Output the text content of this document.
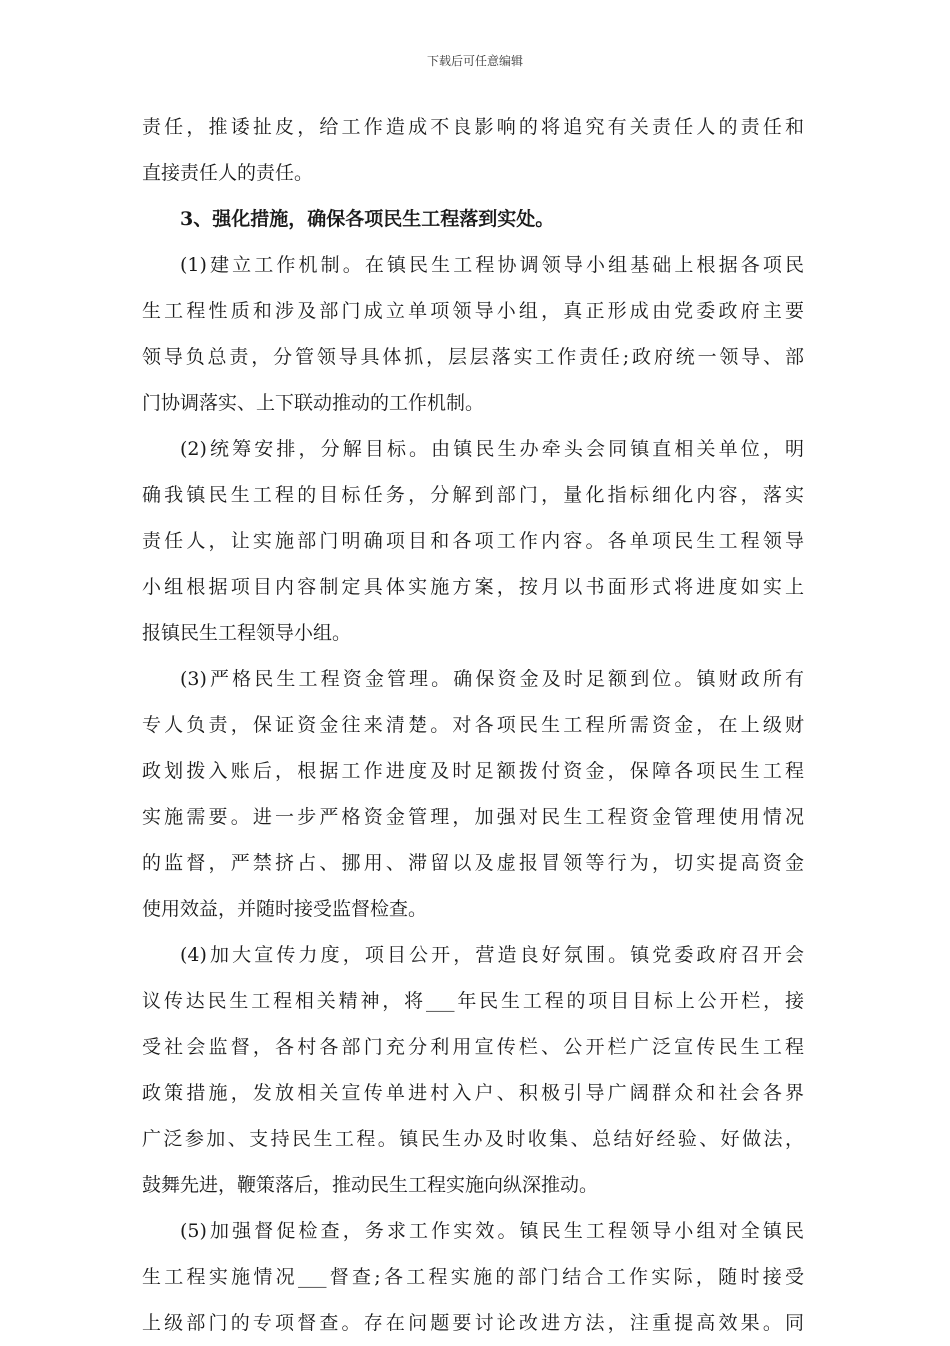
下载后可任意编辑
责任，推诿扯皮，给工作造成不良影响的将追究有关责任人的责任和
直接责任人的责任。
3、强化措施，确保各项民生工程落到实处。
(1)建立工作机制。在镇民生工程协调领导小组基础上根据各项民
生工程性质和涉及部门成立单项领导小组，真正形成由党委政府主要
领导负总责，分管领导具体抓，层层落实工作责任;政府统一领导、部
门协调落实、上下联动推动的工作机制。
(2)统筹安排，分解目标。由镇民生办牵头会同镇直相关单位，明
确我镇民生工程的目标任务，分解到部门，量化指标细化内容，落实
责任人，让实施部门明确项目和各项工作内容。各单项民生工程领导
小组根据项目内容制定具体实施方案，按月以书面形式将进度如实上
报镇民生工程领导小组。
(3)严格民生工程资金管理。确保资金及时足额到位。镇财政所有
专人负责，保证资金往来清楚。对各项民生工程所需资金，在上级财
政划拨入账后，根据工作进度及时足额拨付资金，保障各项民生工程
实施需要。进一步严格资金管理，加强对民生工程资金管理使用情况
的监督，严禁挤占、挪用、滞留以及虚报冒领等行为，切实提高资金
使用效益，并随时接受监督检查。
(4)加大宣传力度，项目公开，营造良好氛围。镇党委政府召开会
议传达民生工程相关精神，将___年民生工程的项目目标上公开栏，接
受社会监督，各村各部门充分利用宣传栏、公开栏广泛宣传民生工程
政策措施，发放相关宣传单进村入户、积极引导广阔群众和社会各界
广泛参加、支持民生工程。镇民生办及时收集、总结好经验、好做法，
鼓舞先进，鞭策落后，推动民生工程实施向纵深推动。
(5)加强督促检查，务求工作实效。镇民生工程领导小组对全镇民
生工程实施情况___督查;各工程实施的部门结合工作实际，随时接受
上级部门的专项督查。存在问题要讨论改进方法，注重提高效果。同
